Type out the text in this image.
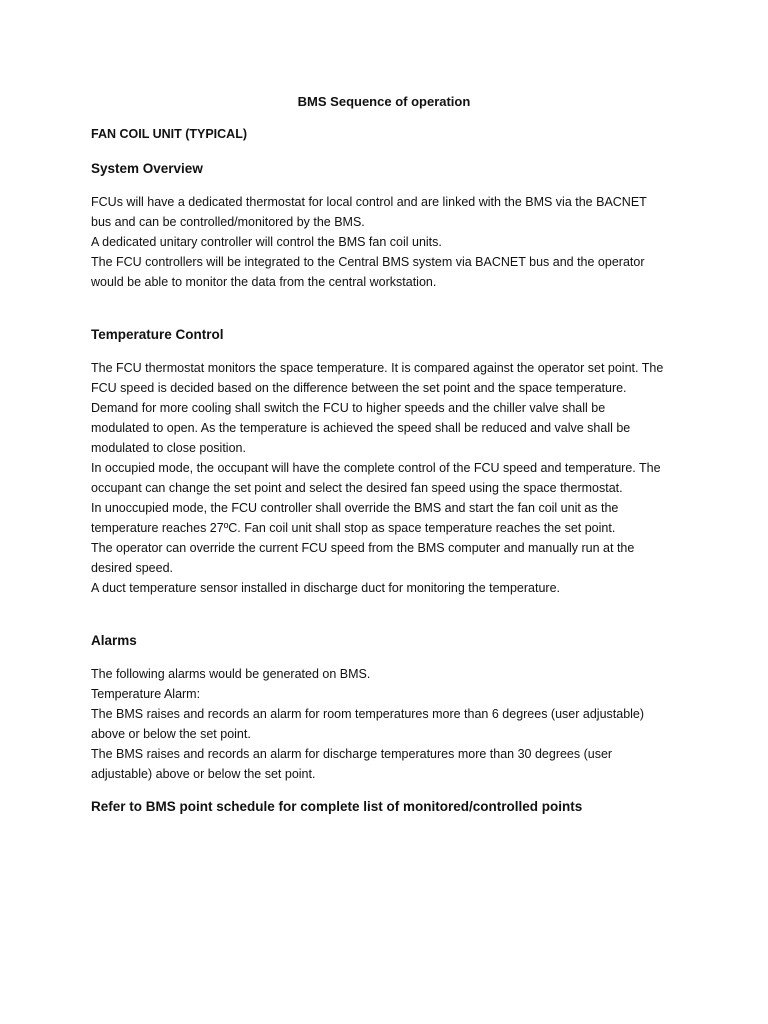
BMS Sequence of operation

FAN COIL UNIT (TYPICAL)

System Overview

FCUs will have a dedicated thermostat for local control and are linked with the BMS via the BACNET
bus and can be controlled/monitored by the BMS.
A dedicated unitary controller will control the BMS fan coil units.
The FCU controllers will be integrated to the Central BMS system via BACNET bus and the operator
would be able to monitor the data from the central workstation.

Temperature Control

The FCU thermostat monitors the space temperature. It is compared against the operator set point. The
FCU speed is decided based on the difference between the set point and the space temperature.
Demand for more cooling shall switch the FCU to higher speeds and the chiller valve shall be
modulated to open. As the temperature is achieved the speed shall be reduced and valve shall be
modulated to close position.
In occupied mode, the occupant will have the complete control of the FCU speed and temperature. The
occupant can change the set point and select the desired fan speed using the space thermostat.
In unoccupied mode, the FCU controller shall override the BMS and start the fan coil unit as the
temperature reaches 27ºC. Fan coil unit shall stop as space temperature reaches the set point.
The operator can override the current FCU speed from the BMS computer and manually run at the
desired speed.
A duct temperature sensor installed in discharge duct for monitoring the temperature.

Alarms

The following alarms would be generated on BMS.
Temperature Alarm:
The BMS raises and records an alarm for room temperatures more than 6 degrees (user adjustable)
above or below the set point.
The BMS raises and records an alarm for discharge temperatures more than 30 degrees (user
adjustable) above or below the set point.

Refer to BMS point schedule for complete list of monitored/controlled points
